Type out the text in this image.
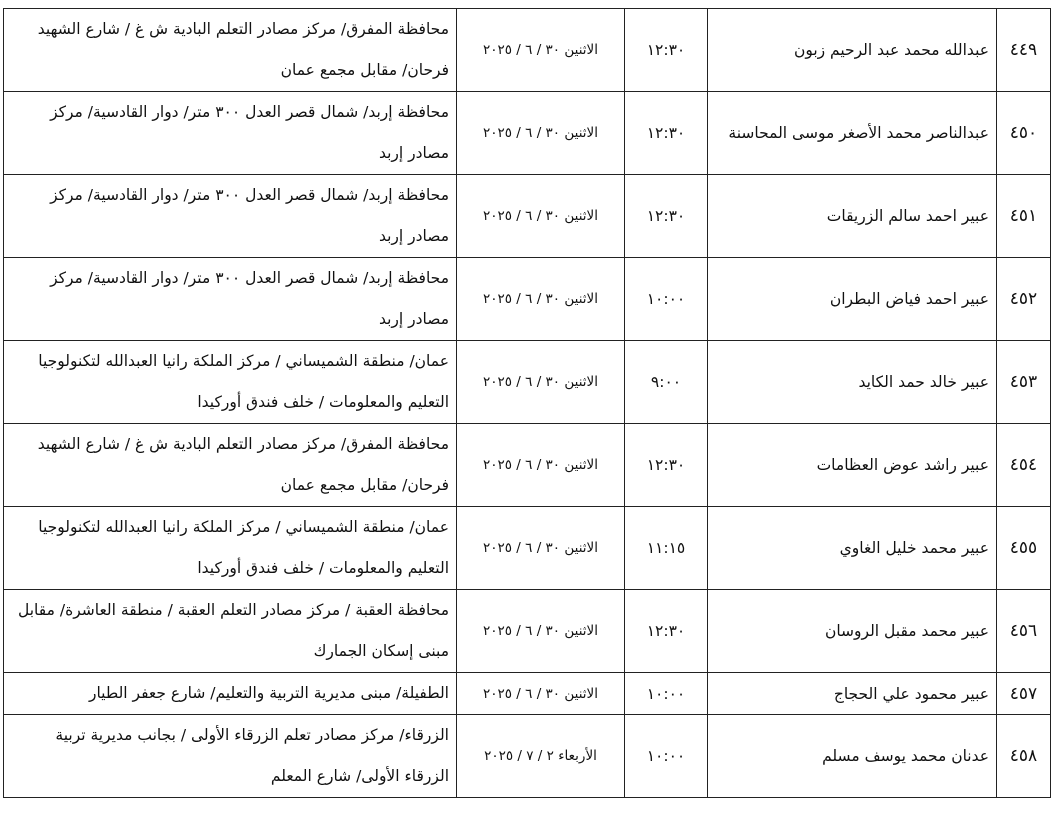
٤٤٩	عبدالله محمد عبد الرحيم زبون	١٢:٣٠	الاثنين ٣٠ / ٦ / ٢٠٢٥	محافظة المفرق/ مركز مصادر التعلم البادية ش غ / شارع الشهيد فرحان/ مقابل مجمع عمان
٤٥٠	عبدالناصر محمد الأصغر موسى المحاسنة	١٢:٣٠	الاثنين ٣٠ / ٦ / ٢٠٢٥	محافظة إربد/ شمال قصر العدل ٣٠٠ متر/ دوار القادسية/ مركز مصادر إربد
٤٥١	عبير احمد سالم الزريقات	١٢:٣٠	الاثنين ٣٠ / ٦ / ٢٠٢٥	محافظة إربد/ شمال قصر العدل ٣٠٠ متر/ دوار القادسية/ مركز مصادر إربد
٤٥٢	عبير احمد فياض البطران	١٠:٠٠	الاثنين ٣٠ / ٦ / ٢٠٢٥	محافظة إربد/ شمال قصر العدل ٣٠٠ متر/ دوار القادسية/ مركز مصادر إربد
٤٥٣	عبير خالد حمد الكايد	٩:٠٠	الاثنين ٣٠ / ٦ / ٢٠٢٥	عمان/ منطقة الشميساني / مركز الملكة رانيا العبدالله لتكنولوجيا التعليم والمعلومات / خلف فندق أوركيدا
٤٥٤	عبير راشد عوض العظامات	١٢:٣٠	الاثنين ٣٠ / ٦ / ٢٠٢٥	محافظة المفرق/ مركز مصادر التعلم البادية ش غ / شارع الشهيد فرحان/ مقابل مجمع عمان
٤٥٥	عبير محمد خليل الغاوي	١١:١٥	الاثنين ٣٠ / ٦ / ٢٠٢٥	عمان/ منطقة الشميساني / مركز الملكة رانيا العبدالله لتكنولوجيا التعليم والمعلومات / خلف فندق أوركيدا
٤٥٦	عبير محمد مقبل الروسان	١٢:٣٠	الاثنين ٣٠ / ٦ / ٢٠٢٥	محافظة العقبة / مركز مصادر التعلم العقبة / منطقة العاشرة/ مقابل مبنى إسكان الجمارك
٤٥٧	عبير محمود علي الحجاج	١٠:٠٠	الاثنين ٣٠ / ٦ / ٢٠٢٥	الطفيلة/ مبنى مديرية التربية والتعليم/ شارع جعفر الطيار
٤٥٨	عدنان محمد يوسف مسلم	١٠:٠٠	الأربعاء ٢ / ٧ / ٢٠٢٥	الزرقاء/ مركز مصادر تعلم الزرقاء الأولى / بجانب مديرية تربية الزرقاء الأولى/ شارع المعلم
